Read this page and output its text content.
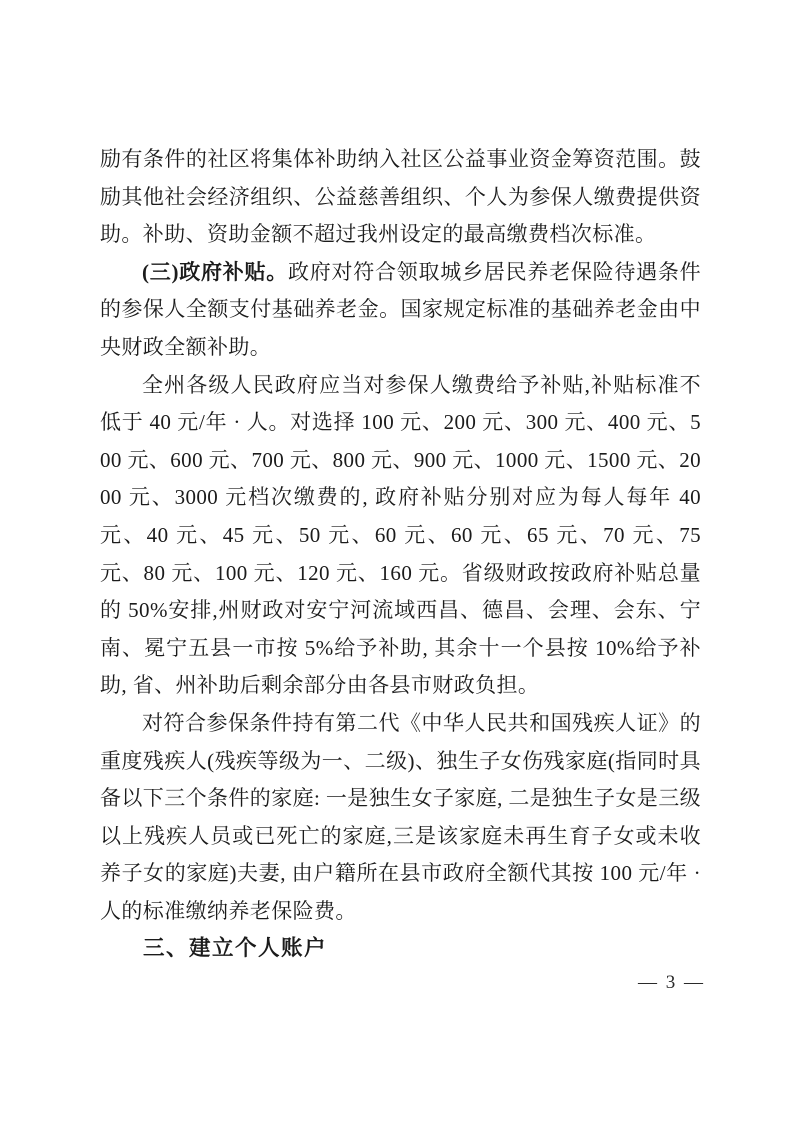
励有条件的社区将集体补助纳入社区公益事业资金筹资范围。鼓励其他社会经济组织、公益慈善组织、个人为参保人缴费提供资助。补助、资助金额不超过我州设定的最高缴费档次标准。

(三)政府补贴。政府对符合领取城乡居民养老保险待遇条件的参保人全额支付基础养老金。国家规定标准的基础养老金由中央财政全额补助。

全州各级人民政府应当对参保人缴费给予补贴,补贴标准不低于 40 元/年 · 人。对选择 100 元、200 元、300 元、400 元、500 元、600 元、700 元、800 元、900 元、1000 元、1500 元、2000 元、3000 元档次缴费的, 政府补贴分别对应为每人每年 40 元、40 元、45 元、50 元、60 元、60 元、65 元、70 元、75 元、80 元、100 元、120 元、160 元。省级财政按政府补贴总量的 50%安排,州财政对安宁河流域西昌、德昌、会理、会东、宁南、冕宁五县一市按 5%给予补助, 其余十一个县按 10%给予补助, 省、州补助后剩余部分由各县市财政负担。

对符合参保条件持有第二代《中华人民共和国残疾人证》的重度残疾人(残疾等级为一、二级)、独生子女伤残家庭(指同时具备以下三个条件的家庭: 一是独生女子家庭, 二是独生子女是三级以上残疾人员或已死亡的家庭,三是该家庭未再生育子女或未收养子女的家庭)夫妻, 由户籍所在县市政府全额代其按 100 元/年 · 人的标准缴纳养老保险费。

三、建立个人账户

— 3 —
